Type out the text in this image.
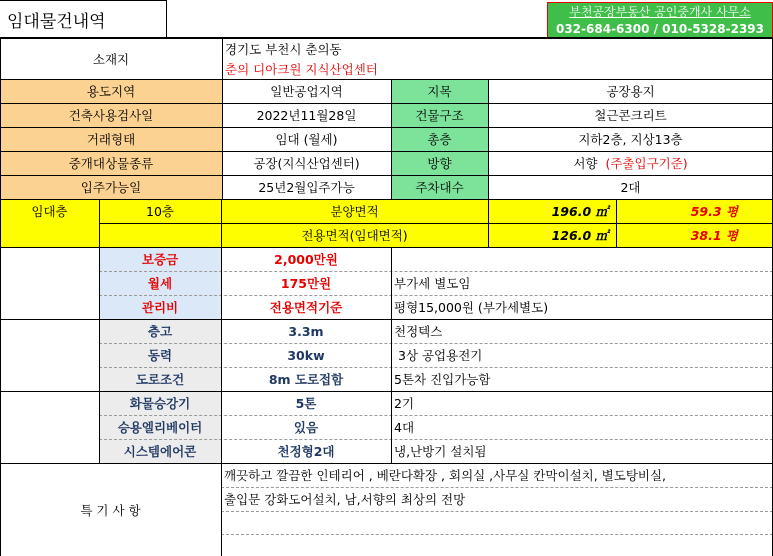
임대물건내역	부천공장부동산 공인중개사 사무소
032-684-6300 / 010-5328-2393
소재지
경기도 부천시 춘의동
춘의 디아크원 지식산업센터
용도지역	일반공업지역	지목	공장용지
건축사용검사일	2022년11월28일	건물구조	철근콘크리트
거래형태	임대 (월세)	총층	지하2층, 지상13층
중개대상물종류	공장(지식산업센터)	방향	서향 (주출입구기준)
입주가능일	25년2월입주가능	주차대수	2대
임대층	10층	분양면적	196.0 ㎡	59.3 평
전용면적(임대면적)	126.0 ㎡	38.1 평
보증금	2,000만원
월세	175만원	부가세 별도임
관리비	전용면적기준	평형15,000원 (부가세별도)
층고	3.3m	천정텍스
동력	30kw	3상 공업용전기
도로조건	8m 도로접함	5톤차 진입가능함
화물승강기	5톤	2기
승용엘리베이터	있음	4대
시스템에어콘	천정형2대	냉,난방기 설치됨
특 기 사 항
깨끗하고 깔끔한 인테리어 , 베란다확장 , 회의실 ,사무실 칸막이설치, 별도탕비실,
출입문 강화도어설치, 남,서향의 최상의 전망
